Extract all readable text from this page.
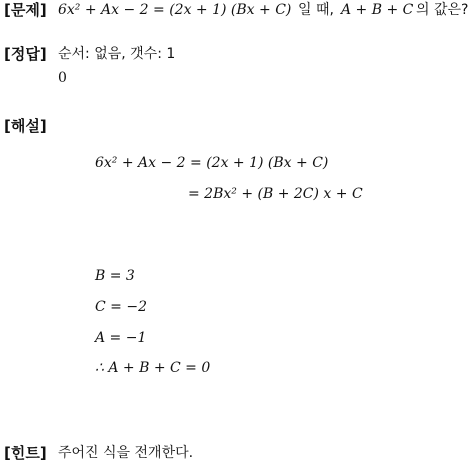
[문제] 6x² + Ax − 2 = (2x + 1) (Bx + C) 일 때, A + B + C 의 값은?
[정답] 순서: 없음, 갯수: 1
0
[해설]
6x² + Ax − 2 = (2x + 1) (Bx + C)
= 2Bx² + (B + 2C) x + C
B = 3
C = −2
A = −1
∴ A + B + C = 0
[힌트] 주어진 식을 전개한다.
